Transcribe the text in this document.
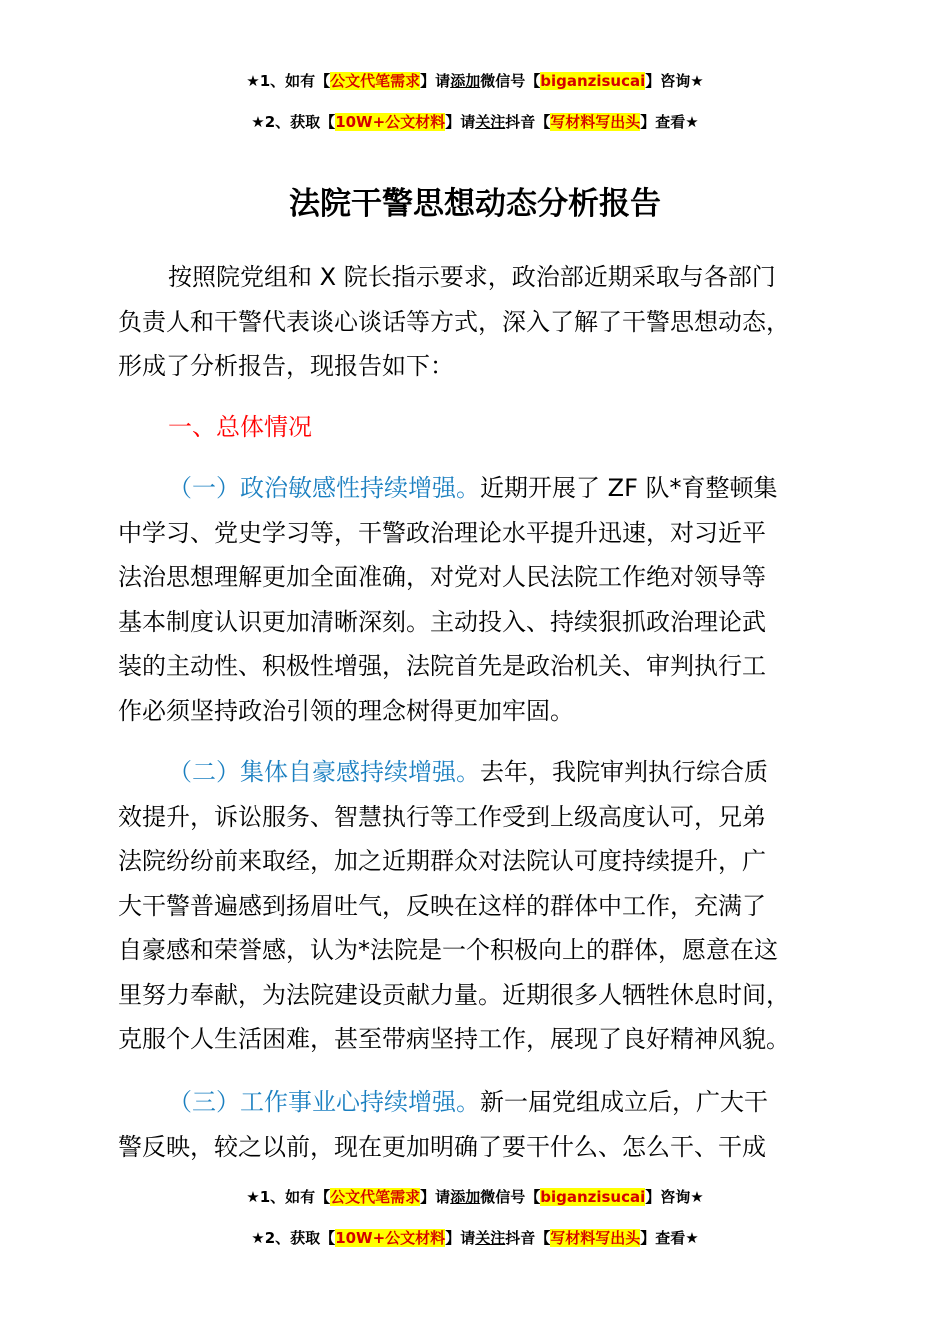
★1、如有【公文代笔需求】请添加微信号【biganzisucai】咨询★
★2、获取【10W+公文材料】请关注抖音【写材料写出头】查看★
法院干警思想动态分析报告
按照院党组和 X 院长指示要求，政治部近期采取与各部门
负责人和干警代表谈心谈话等方式，深入了解了干警思想动态，
形成了分析报告，现报告如下：
一、总体情况
（一）政治敏感性持续增强。近期开展了 ZF 队*育整顿集
中学习、党史学习等，干警政治理论水平提升迅速，对习近平
法治思想理解更加全面准确，对党对人民法院工作绝对领导等
基本制度认识更加清晰深刻。主动投入、持续狠抓政治理论武
装的主动性、积极性增强，法院首先是政治机关、审判执行工
作必须坚持政治引领的理念树得更加牢固。
（二）集体自豪感持续增强。去年，我院审判执行综合质
效提升，诉讼服务、智慧执行等工作受到上级高度认可，兄弟
法院纷纷前来取经，加之近期群众对法院认可度持续提升，广
大干警普遍感到扬眉吐气，反映在这样的群体中工作，充满了
自豪感和荣誉感，认为*法院是一个积极向上的群体，愿意在这
里努力奉献，为法院建设贡献力量。近期很多人牺牲休息时间，
克服个人生活困难，甚至带病坚持工作，展现了良好精神风貌。
（三）工作事业心持续增强。新一届党组成立后，广大干
警反映，较之以前，现在更加明确了要干什么、怎么干、干成
★1、如有【公文代笔需求】请添加微信号【biganzisucai】咨询★
★2、获取【10W+公文材料】请关注抖音【写材料写出头】查看★
